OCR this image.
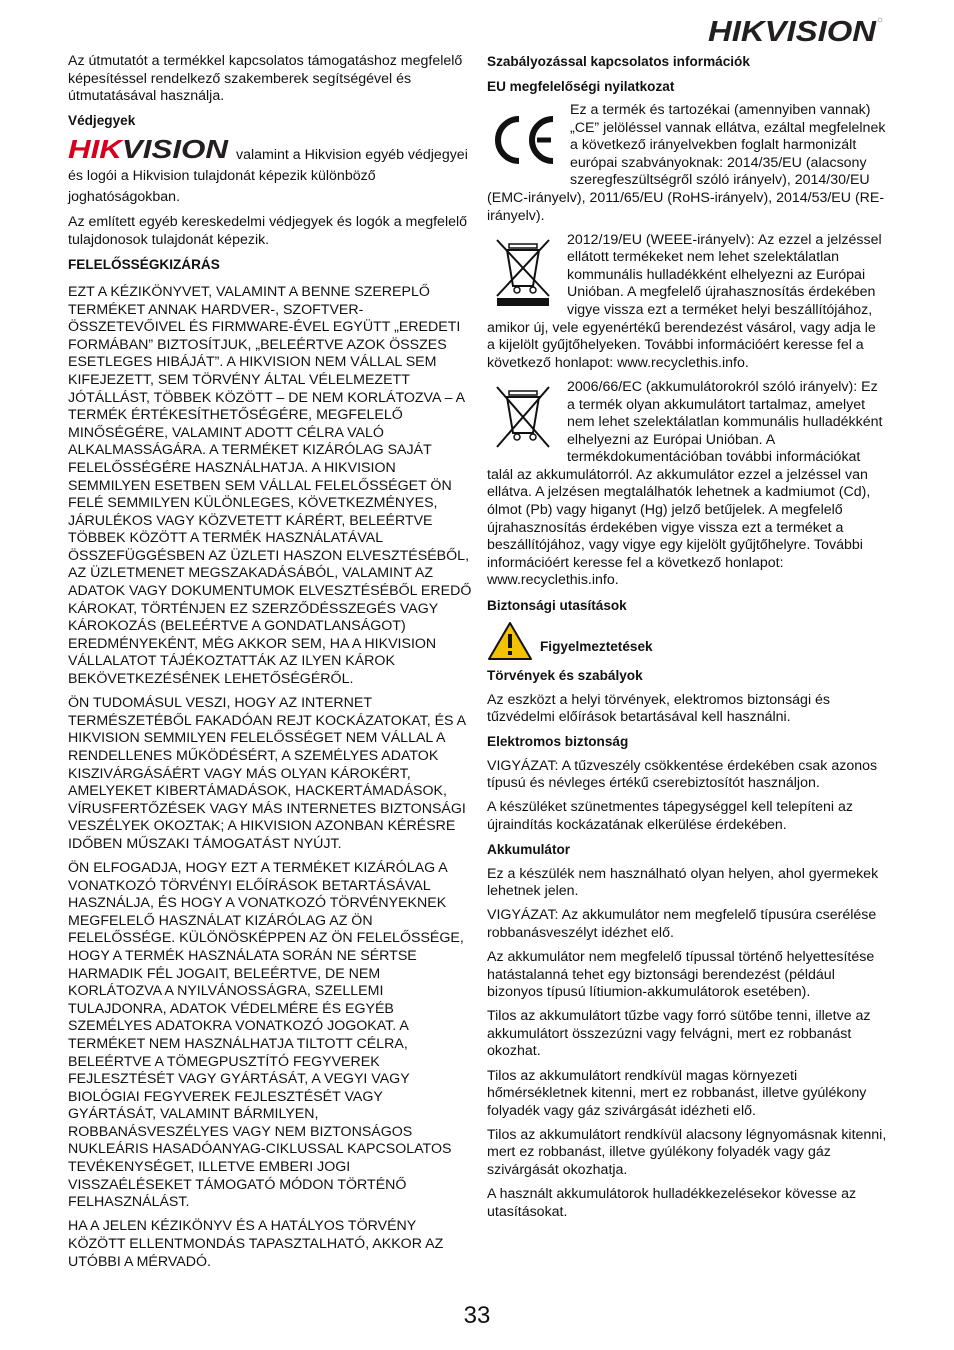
HIKVISION

Az útmutatót a termékkel kapcsolatos támogatáshoz megfelelő képesítéssel rendelkező szakemberek segítségével és útmutatásával használja.

Védjegyek

HIK VISION	valamint a Hikvision egyéb védjegyei és logói a Hikvision tulajdonát képezik különböző joghatóságokban.

Az említett egyéb kereskedelmi védjegyek és logók a megfelelő tulajdonosok tulajdonát képezik.

FELELŐSSÉGKIZÁRÁS

EZT A KÉZIKÖNYVET, VALAMINT A BENNE SZEREPLŐ TERMÉKET ANNAK HARDVER-, SZOFTVER-ÖSSZETEVŐIVEL ÉS FIRMWARE-ÉVEL EGYÜTT „EREDETI FORMÁBAN” BIZTOSÍTJUK, „BELEÉRTVE AZOK ÖSSZES ESETLEGES HIBÁJÁT”. A HIKVISION NEM VÁLLAL SEM KIFEJEZETT, SEM TÖRVÉNY ÁLTAL VÉLELMEZETT JÓTÁLLÁST, TÖBBEK KÖZÖTT – DE NEM KORLÁTOZVA – A TERMÉK ÉRTÉKESÍTHETŐSÉGÉRE, MEGFELELŐ MINŐSÉGÉRE, VALAMINT ADOTT CÉLRA VALÓ ALKALMASSÁGÁRA. A TERMÉKET KIZÁRÓLAG SAJÁT FELELŐSSÉGÉRE HASZNÁLHATJA. A HIKVISION SEMMILYEN ESETBEN SEM VÁLLAL FELELŐSSÉGET ÖN FELÉ SEMMILYEN KÜLÖNLEGES, KÖVETKEZMÉNYES, JÁRULÉKOS VAGY KÖZVETETT KÁRÉRT, BELEÉRTVE TÖBBEK KÖZÖTT A TERMÉK HASZNÁLATÁVAL ÖSSZEFÜGGÉSBEN AZ ÜZLETI HASZON ELVESZTÉSÉBŐL, AZ ÜZLETMENET MEGSZAKADÁSÁBÓL, VALAMINT AZ ADATOK VAGY DOKUMENTUMOK ELVESZTÉSÉBŐL EREDŐ KÁROKAT, TÖRTÉNJEN EZ SZERZŐDÉSSZEGÉS VAGY KÁROKOZÁS (BELEÉRTVE A GONDATLANSÁGOT) EREDMÉNYEKÉNT, MÉG AKKOR SEM, HA A HIKVISION VÁLLALATOT TÁJÉKOZTATTÁK AZ ILYEN KÁROK BEKÖVETKEZÉSÉNEK LEHETŐSÉGÉRŐL.

ÖN TUDOMÁSUL VESZI, HOGY AZ INTERNET TERMÉSZETÉBŐL FAKADÓAN REJT KOCKÁZATOKAT, ÉS A HIKVISION SEMMILYEN FELELŐSSÉGET NEM VÁLLAL A RENDELLENES MŰKÖDÉSÉRT, A SZEMÉLYES ADATOK KISZIVÁRGÁSÁÉRT VAGY MÁS OLYAN KÁROKÉRT, AMELYEKET KIBERTÁMADÁSOK, HACKERTÁMADÁSOK, VÍRUSFERTŐZÉSEK VAGY MÁS INTERNETES BIZTONSÁGI VESZÉLYEK OKOZTAK; A HIKVISION AZONBAN KÉRÉSRE IDŐBEN MŰSZAKI TÁMOGATÁST NYÚJT.

ÖN ELFOGADJA, HOGY EZT A TERMÉKET KIZÁRÓLAG A VONATKOZÓ TÖRVÉNYI ELŐÍRÁSOK BETARTÁSÁVAL HASZNÁLJA, ÉS HOGY A VONATKOZÓ TÖRVÉNYEKNEK MEGFELELŐ HASZNÁLAT KIZÁRÓLAG AZ ÖN FELELŐSSÉGE. KÜLÖNÖSKÉPPEN AZ ÖN FELELŐSSÉGE, HOGY A TERMÉK HASZNÁLATA SORÁN NE SÉRTSE HARMADIK FÉL JOGAIT, BELEÉRTVE, DE NEM KORLÁTOZVA A NYILVÁNOSSÁGRA, SZELLEMI TULAJDONRA, ADATOK VÉDELMÉRE ÉS EGYÉB SZEMÉLYES ADATOKRA VONATKOZÓ JOGOKAT. A TERMÉKET NEM HASZNÁLHATJA TILTOTT CÉLRA, BELEÉRTVE A TÖMEGPUSZTÍTÓ FEGYVEREK FEJLESZTÉSÉT VAGY GYÁRTÁSÁT, A VEGYI VAGY BIOLÓGIAI FEGYVEREK FEJLESZTÉSÉT VAGY GYÁRTÁSÁT, VALAMINT BÁRMILYEN, ROBBANÁSVESZÉLYES VAGY NEM BIZTONSÁGOS NUKLEÁRIS HASADÓANYAG-CIKLUSSAL KAPCSOLATOS TEVÉKENYSÉGET, ILLETVE EMBERI JOGI VISSZAÉLÉSEKET TÁMOGATÓ MÓDON TÖRTÉNŐ FELHASZNÁLÁST.

HA A JELEN KÉZIKÖNYV ÉS A HATÁLYOS TÖRVÉNY KÖZÖTT ELLENTMONDÁS TAPASZTALHATÓ, AKKOR AZ UTÓBBI A MÉRVADÓ.

Szabályozással kapcsolatos információk
EU megfelelőségi nyilatkozat

Ez a termék és tartozékai (amennyiben vannak) „CE” jelöléssel vannak ellátva, ezáltal megfelelnek a következő irányelvekben foglalt harmonizált európai szabványoknak: 2014/35/EU (alacsony szeregfeszültségről szóló irányelv), 2014/30/EU (EMC-irányelv), 2011/65/EU (RoHS-irányelv), 2014/53/EU (RE-irányelv).

2012/19/EU (WEEE-irányelv): Az ezzel a jelzéssel ellátott termékeket nem lehet szelektálatlan kommunális hulladékként elhelyezni az Európai Unióban. A megfelelő újrahasznosítás érdekében vigye vissza ezt a terméket helyi beszállítójához, amikor új, vele egyenértékű berendezést vásárol, vagy adja le a kijelölt gyűjtőhelyeken. További információért keresse fel a következő honlapot: www.recyclethis.info.

2006/66/EC (akkumulátorokról szóló irányelv): Ez a termék olyan akkumulátort tartalmaz, amelyet nem lehet szelektálatlan kommunális hulladékként elhelyezni az Európai Unióban. A termékdokumentációban további információkat talál az akkumulátorról. Az akkumulátor ezzel a jelzéssel van ellátva. A jelzésen megtalálhatók lehetnek a kadmiumot (Cd), ólmot (Pb) vagy higanyt (Hg) jelző betűjelek. A megfelelő újrahasznosítás érdekében vigye vissza ezt a terméket a beszállítójához, vagy vigye egy kijelölt gyűjtőhelyre. További információért keresse fel a következő honlapot: www.recyclethis.info.

Biztonsági utasítások
Figyelmeztetések
Törvények és szabályok

Az eszközt a helyi törvények, elektromos biztonsági és tűzvédelmi előírások betartásával kell használni.

Elektromos biztonság

VIGYÁZAT: A tűzveszély csökkentése érdekében csak azonos típusú és névleges értékű cserebiztosítót használjon.

A készüléket szünetmentes tápegységgel kell telepíteni az újraindítás kockázatának elkerülése érdekében.

Akkumulátor

Ez a készülék nem használható olyan helyen, ahol gyermekek lehetnek jelen.

VIGYÁZAT: Az akkumulátor nem megfelelő típusúra cserélése robbanásveszélyt idézhet elő.

Az akkumulátor nem megfelelő típussal történő helyettesítése hatástalanná tehet egy biztonsági berendezést (például bizonyos típusú lítiumion-akkumulátorok esetében).

Tilos az akkumulátort tűzbe vagy forró sütőbe tenni, illetve az akkumulátort összezúzni vagy felvágni, mert ez robbanást okozhat.

Tilos az akkumulátort rendkívül magas környezeti hőmérsékletnek kitenni, mert ez robbanást, illetve gyúlékony folyadék vagy gáz szivárgását idézheti elő.

Tilos az akkumulátort rendkívül alacsony légnyomásnak kitenni, mert ez robbanást, illetve gyúlékony folyadék vagy gáz szivárgását okozhatja.

A használt akkumulátorok hulladékkezelésekor kövesse az utasításokat.

33
